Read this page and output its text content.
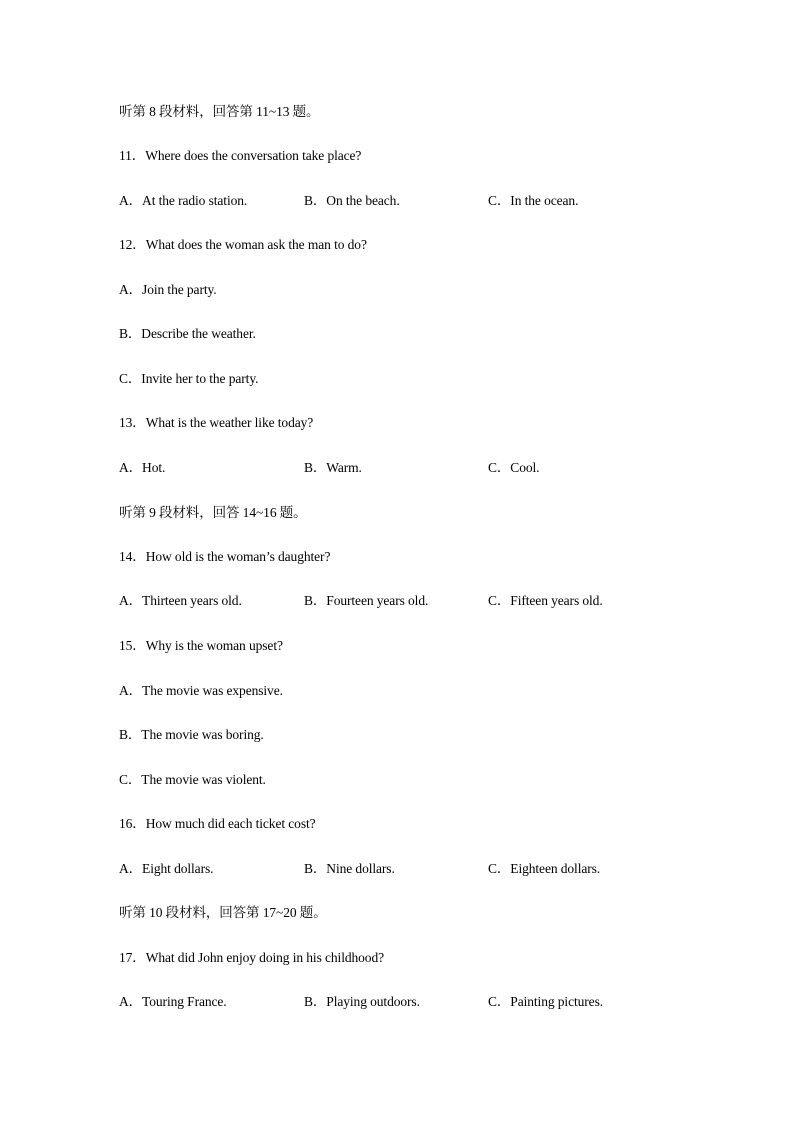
听第 8 段材料，回答第 11~13 题。
11．Where does the conversation take place?
A．At the radio station.	B．On the beach.	C．In the ocean.
12．What does the woman ask the man to do?
A．Join the party.
B．Describe the weather.
C．Invite her to the party.
13．What is the weather like today?
A．Hot.	B．Warm.	C．Cool.
听第 9 段材料，回答 14~16 题。
14．How old is the woman’s daughter?
A．Thirteen years old.	B．Fourteen years old.	C．Fifteen years old.
15．Why is the woman upset?
A．The movie was expensive.
B．The movie was boring.
C．The movie was violent.
16．How much did each ticket cost?
A．Eight dollars.	B．Nine dollars.	C．Eighteen dollars.
听第 10 段材料，回答第 17~20 题。
17．What did John enjoy doing in his childhood?
A．Touring France.	B．Playing outdoors.	C．Painting pictures.
